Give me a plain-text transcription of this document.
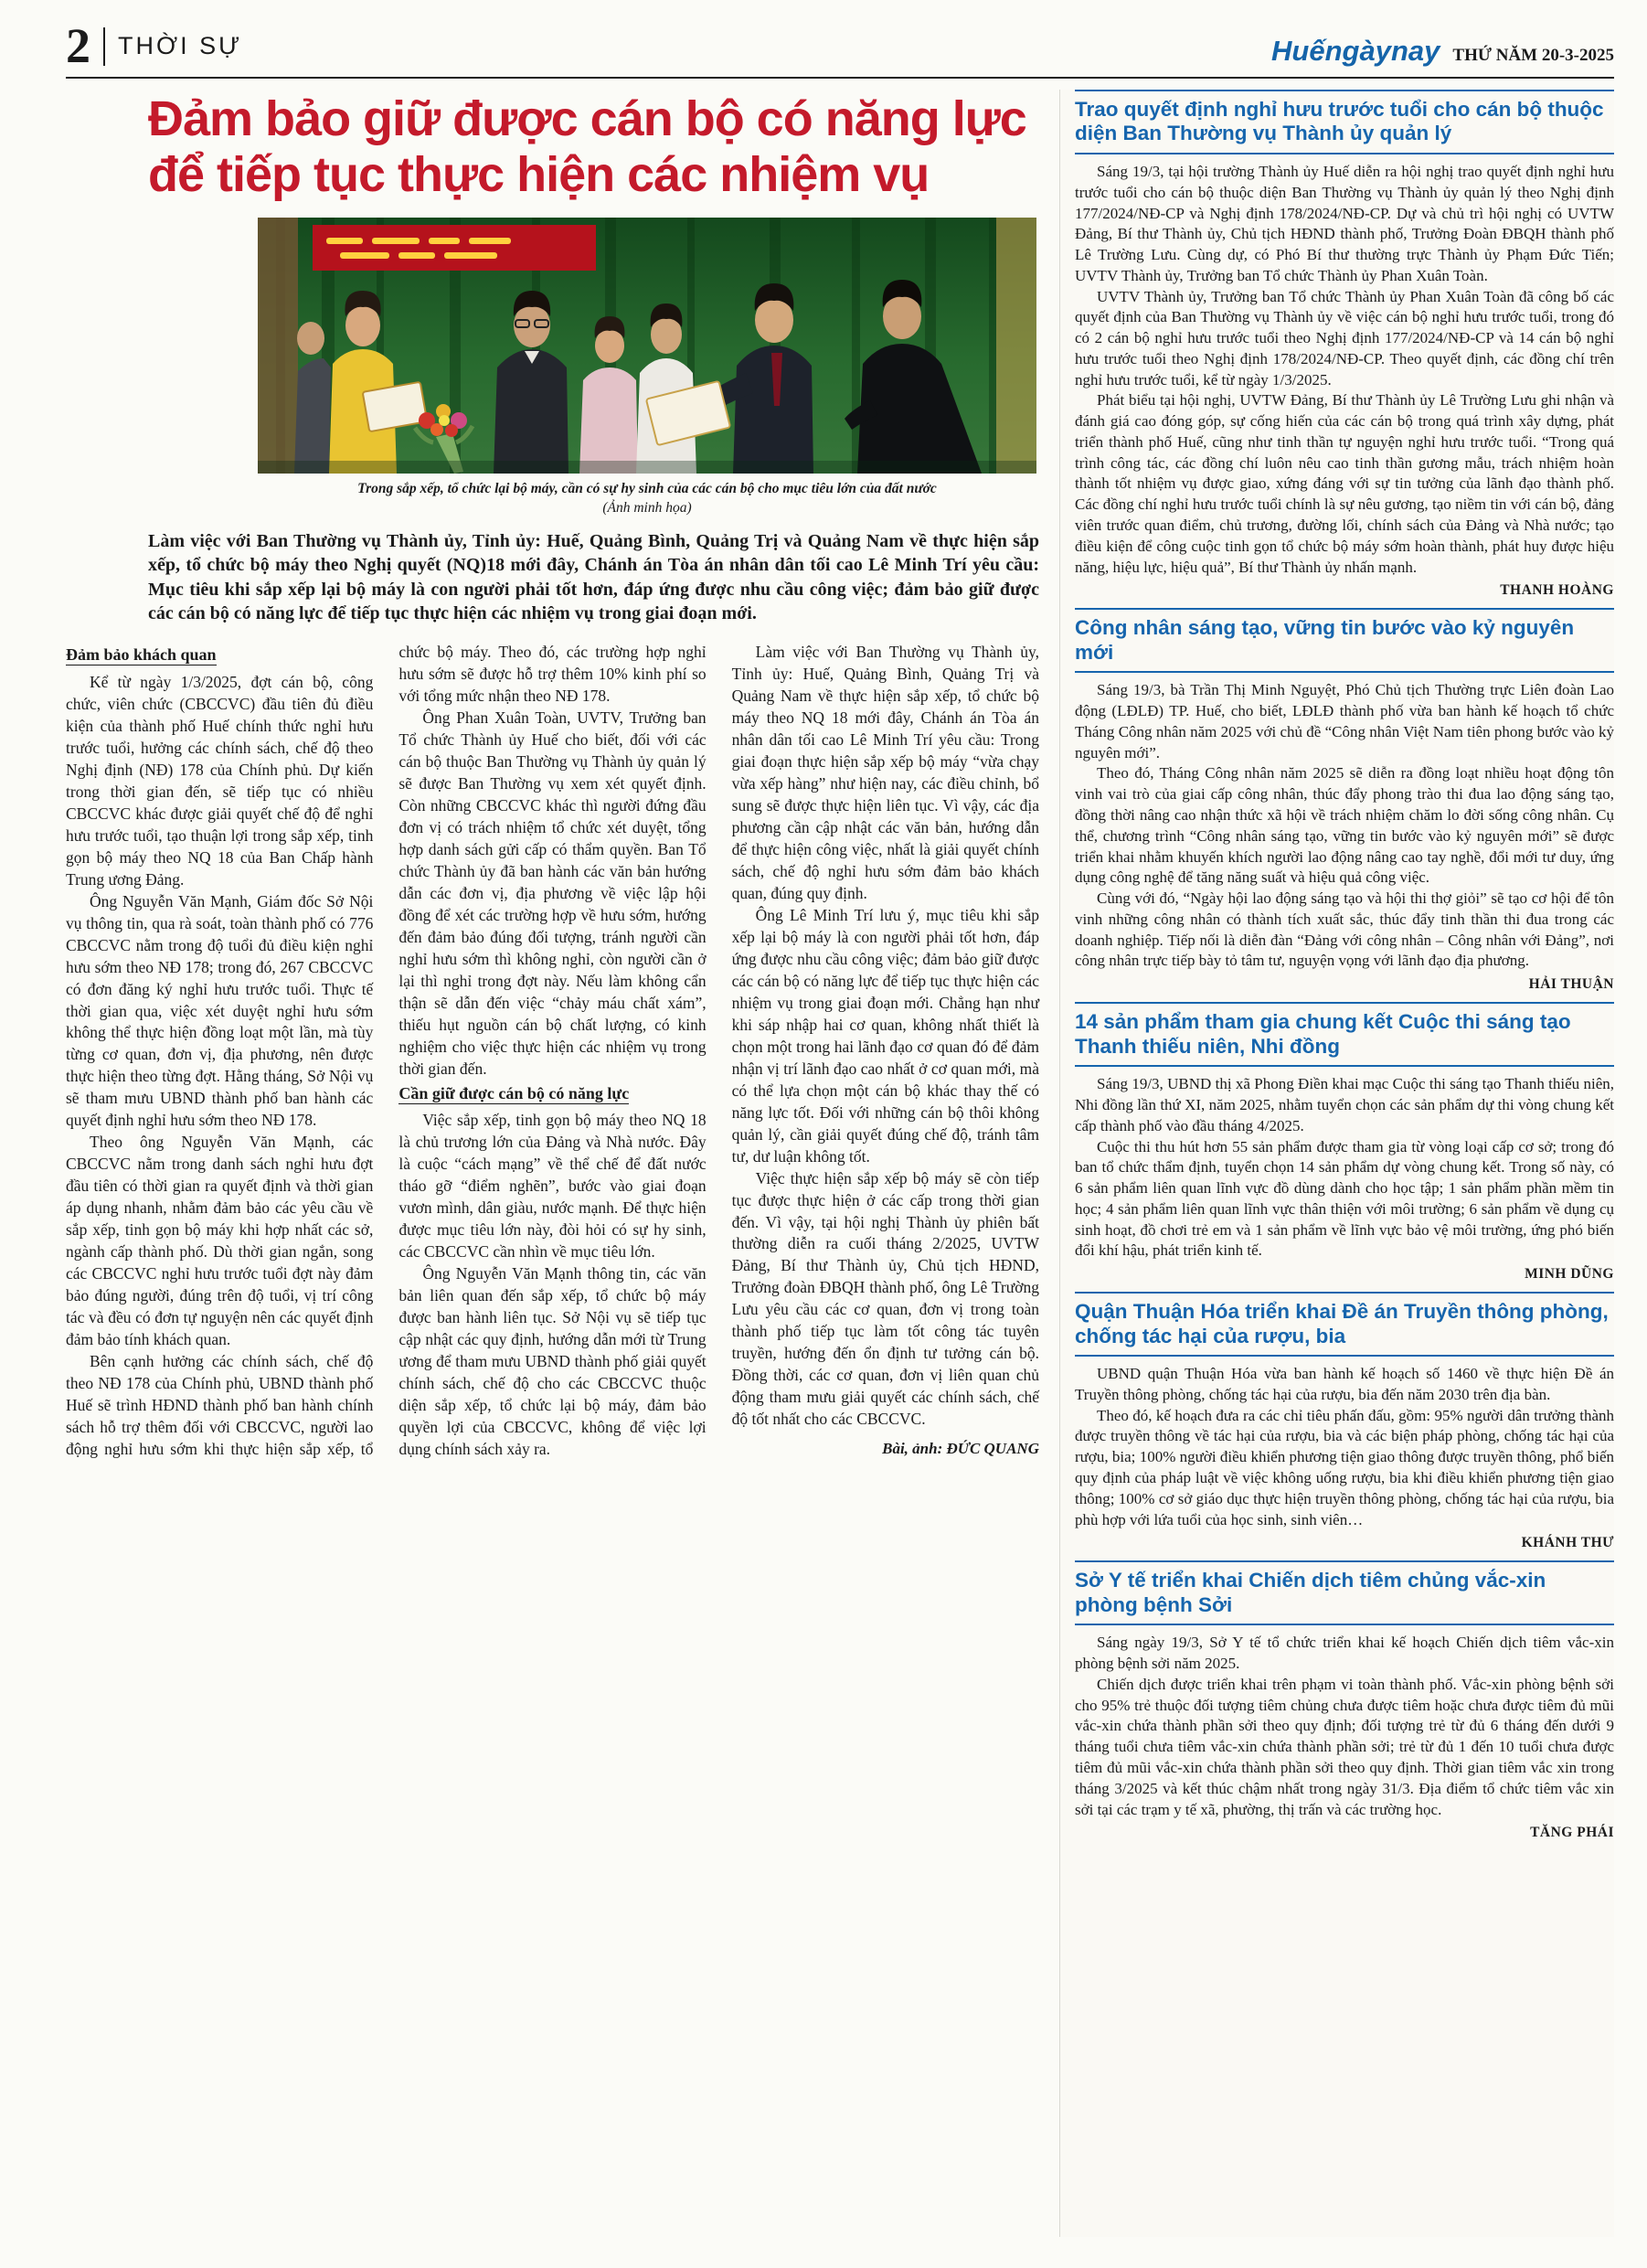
2 THỜI SỰ	Huếngàynay THỨ NĂM 20-3-2025
Đảm bảo giữ được cán bộ có năng lực để tiếp tục thực hiện các nhiệm vụ
Trong sắp xếp, tổ chức lại bộ máy, cần có sự hy sinh của các cán bộ cho mục tiêu lớn của đất nước
(Ảnh minh họa)

Làm việc với Ban Thường vụ Thành ủy, Tỉnh ủy: Huế, Quảng Bình, Quảng Trị và Quảng Nam về thực hiện sắp xếp, tổ chức bộ máy theo Nghị quyết (NQ)18 mới đây, Chánh án Tòa án nhân dân tối cao Lê Minh Trí yêu cầu: Mục tiêu khi sắp xếp lại bộ máy là con người phải tốt hơn, đáp ứng được nhu cầu công việc; đảm bảo giữ được các cán bộ có năng lực để tiếp tục thực hiện các nhiệm vụ trong giai đoạn mới.

Đảm bảo khách quan

Kể từ ngày 1/3/2025, đợt cán bộ, công chức, viên chức (CBCCVC) đầu tiên đủ điều kiện của thành phố Huế chính thức nghỉ hưu trước tuổi, hưởng các chính sách, chế độ theo Nghị định (NĐ) 178 của Chính phủ. Dự kiến trong thời gian đến, sẽ tiếp tục có nhiều CBCCVC khác được giải quyết chế độ để nghỉ hưu trước tuổi, tạo thuận lợi trong sắp xếp, tinh gọn bộ máy theo NQ 18 của Ban Chấp hành Trung ương Đảng.

Ông Nguyễn Văn Mạnh, Giám đốc Sở Nội vụ thông tin, qua rà soát, toàn thành phố có 776 CBCCVC nằm trong độ tuổi đủ điều kiện nghỉ hưu sớm theo NĐ 178; trong đó, 267 CBCCVC có đơn đăng ký nghỉ hưu trước tuổi. Thực tế thời gian qua, việc xét duyệt nghỉ hưu sớm không thể thực hiện đồng loạt một lần, mà tùy từng cơ quan, đơn vị, địa phương, nên được thực hiện theo từng đợt. Hằng tháng, Sở Nội vụ sẽ tham mưu UBND thành phố ban hành các quyết định nghỉ hưu sớm theo NĐ 178.

Theo ông Nguyễn Văn Mạnh, các CBCCVC nằm trong danh sách nghỉ hưu đợt đầu tiên có thời gian ra quyết định và thời gian áp dụng nhanh, nhằm đảm bảo các yêu cầu về sắp xếp, tinh gọn bộ máy khi hợp nhất các sở, ngành cấp thành phố. Dù thời gian ngắn, song các CBCCVC nghỉ hưu trước tuổi đợt này đảm bảo đúng người, đúng trên độ tuổi, vị trí công tác và đều có đơn tự nguyện nên các quyết định đảm bảo tính khách quan.

Bên cạnh hưởng các chính sách, chế độ theo NĐ 178 của Chính phủ, UBND thành phố Huế sẽ trình HĐND thành phố ban hành chính sách hỗ trợ thêm đối với CBCCVC, người lao động nghỉ hưu sớm khi thực hiện sắp xếp, tổ chức bộ máy. Theo đó, các trường hợp nghỉ hưu sớm sẽ được hỗ trợ thêm 10% kinh phí so với tổng mức nhận theo NĐ 178.

Ông Phan Xuân Toàn, UVTV, Trưởng ban Tổ chức Thành ủy Huế cho biết, đối với các cán bộ thuộc Ban Thường vụ Thành ủy quản lý sẽ được Ban Thường vụ xem xét quyết định. Còn những CBCCVC khác thì người đứng đầu đơn vị có trách nhiệm tổ chức xét duyệt, tổng hợp danh sách gửi cấp có thẩm quyền. Ban Tổ chức Thành ủy đã ban hành các văn bản hướng dẫn các đơn vị, địa phương về việc lập hội đồng để xét các trường hợp về hưu sớm, hướng đến đảm bảo đúng đối tượng, tránh người cần nghỉ hưu sớm thì không nghỉ, còn người cần ở lại thì nghỉ trong đợt này. Nếu làm không cẩn thận sẽ dẫn đến việc “chảy máu chất xám”, thiếu hụt nguồn cán bộ chất lượng, có kinh nghiệm cho việc thực hiện các nhiệm vụ trong thời gian đến.

Cần giữ được cán bộ có năng lực

Việc sắp xếp, tinh gọn bộ máy theo NQ 18 là chủ trương lớn của Đảng và Nhà nước. Đây là cuộc “cách mạng” về thể chế để đất nước tháo gỡ “điểm nghẽn”, bước vào giai đoạn vươn mình, dân giàu, nước mạnh. Để thực hiện được mục tiêu lớn này, đòi hỏi có sự hy sinh, các CBCCVC cần nhìn về mục tiêu lớn.

Ông Nguyễn Văn Mạnh thông tin, các văn bản liên quan đến sắp xếp, tổ chức bộ máy được ban hành liên tục. Sở Nội vụ sẽ tiếp tục cập nhật các quy định, hướng dẫn mới từ Trung ương để tham mưu UBND thành phố giải quyết chính sách, chế độ cho các CBCCVC thuộc diện sắp xếp, tổ chức lại bộ máy, đảm bảo quyền lợi của CBCCVC, không để việc lợi dụng chính sách xảy ra.

Làm việc với Ban Thường vụ Thành ủy, Tỉnh ủy: Huế, Quảng Bình, Quảng Trị và Quảng Nam về thực hiện sắp xếp, tổ chức bộ máy theo NQ 18 mới đây, Chánh án Tòa án nhân dân tối cao Lê Minh Trí yêu cầu: Trong giai đoạn thực hiện sắp xếp bộ máy “vừa chạy vừa xếp hàng” như hiện nay, các điều chỉnh, bổ sung sẽ được thực hiện liên tục. Vì vậy, các địa phương cần cập nhật các văn bản, hướng dẫn để thực hiện công việc, nhất là giải quyết chính sách, chế độ nghỉ hưu sớm đảm bảo khách quan, đúng quy định.

Ông Lê Minh Trí lưu ý, mục tiêu khi sắp xếp lại bộ máy là con người phải tốt hơn, đáp ứng được nhu cầu công việc; đảm bảo giữ được các cán bộ có năng lực để tiếp tục thực hiện các nhiệm vụ trong giai đoạn mới. Chẳng hạn như khi sáp nhập hai cơ quan, không nhất thiết là chọn một trong hai lãnh đạo cơ quan đó để đảm nhận vị trí lãnh đạo cao nhất ở cơ quan mới, mà có thể lựa chọn một cán bộ khác thay thế có năng lực tốt. Đối với những cán bộ thôi không quản lý, cần giải quyết đúng chế độ, tránh tâm tư, dư luận không tốt.

Việc thực hiện sắp xếp bộ máy sẽ còn tiếp tục được thực hiện ở các cấp trong thời gian đến. Vì vậy, tại hội nghị Thành ủy phiên bất thường diễn ra cuối tháng 2/2025, UVTW Đảng, Bí thư Thành ủy, Chủ tịch HĐND, Trưởng đoàn ĐBQH thành phố, ông Lê Trường Lưu yêu cầu các cơ quan, đơn vị trong toàn thành phố tiếp tục làm tốt công tác tuyên truyền, hướng đến ổn định tư tưởng cán bộ. Đồng thời, các cơ quan, đơn vị liên quan chủ động tham mưu giải quyết các chính sách, chế độ tốt nhất cho các CBCCVC.

Bài, ảnh: ĐỨC QUANG
Trao quyết định nghỉ hưu trước tuổi cho cán bộ thuộc diện Ban Thường vụ Thành ủy quản lý

Sáng 19/3, tại hội trường Thành ủy Huế diễn ra hội nghị trao quyết định nghỉ hưu trước tuổi cho cán bộ thuộc diện Ban Thường vụ Thành ủy quản lý theo Nghị định 177/2024/NĐ-CP và Nghị định 178/2024/NĐ-CP. Dự và chủ trì hội nghị có UVTW Đảng, Bí thư Thành ủy, Chủ tịch HĐND thành phố, Trưởng Đoàn ĐBQH thành phố Lê Trường Lưu. Cùng dự, có Phó Bí thư thường trực Thành ủy Phạm Đức Tiến; UVTV Thành ủy, Trưởng ban Tổ chức Thành ủy Phan Xuân Toàn.

UVTV Thành ủy, Trưởng ban Tổ chức Thành ủy Phan Xuân Toàn đã công bố các quyết định của Ban Thường vụ Thành ủy về việc cán bộ nghỉ hưu trước tuổi, trong đó có 2 cán bộ nghỉ hưu trước tuổi theo Nghị định 177/2024/NĐ-CP và 14 cán bộ nghỉ hưu trước tuổi theo Nghị định 178/2024/NĐ-CP. Theo quyết định, các đồng chí trên nghỉ hưu trước tuổi, kể từ ngày 1/3/2025.

Phát biểu tại hội nghị, UVTW Đảng, Bí thư Thành ủy Lê Trường Lưu ghi nhận và đánh giá cao đóng góp, sự cống hiến của các cán bộ trong quá trình xây dựng, phát triển thành phố Huế, cũng như tinh thần tự nguyện nghỉ hưu trước tuổi. “Trong quá trình công tác, các đồng chí luôn nêu cao tinh thần gương mẫu, trách nhiệm hoàn thành tốt nhiệm vụ được giao, xứng đáng với sự tin tưởng của lãnh đạo thành phố. Các đồng chí nghỉ hưu trước tuổi chính là sự nêu gương, tạo niềm tin với cán bộ, đảng viên trước quan điểm, chủ trương, đường lối, chính sách của Đảng và Nhà nước; tạo điều kiện để công cuộc tinh gọn tổ chức bộ máy sớm hoàn thành, phát huy được hiệu năng, hiệu lực, hiệu quả”, Bí thư Thành ủy nhấn mạnh.

THANH HOÀNG
Công nhân sáng tạo, vững tin bước vào kỷ nguyên mới

Sáng 19/3, bà Trần Thị Minh Nguyệt, Phó Chủ tịch Thường trực Liên đoàn Lao động (LĐLĐ) TP. Huế, cho biết, LĐLĐ thành phố vừa ban hành kế hoạch tổ chức Tháng Công nhân năm 2025 với chủ đề “Công nhân Việt Nam tiên phong bước vào kỷ nguyên mới”.

Theo đó, Tháng Công nhân năm 2025 sẽ diễn ra đồng loạt nhiều hoạt động tôn vinh vai trò của giai cấp công nhân, thúc đẩy phong trào thi đua lao động sáng tạo, đồng thời nâng cao nhận thức xã hội về trách nhiệm chăm lo đời sống công nhân. Cụ thể, chương trình “Công nhân sáng tạo, vững tin bước vào kỷ nguyên mới” sẽ được triển khai nhằm khuyến khích người lao động nâng cao tay nghề, đổi mới tư duy, ứng dụng công nghệ để tăng năng suất và hiệu quả công việc.

Cùng với đó, “Ngày hội lao động sáng tạo và hội thi thợ giỏi” sẽ tạo cơ hội để tôn vinh những công nhân có thành tích xuất sắc, thúc đẩy tinh thần thi đua trong các doanh nghiệp. Tiếp nối là diễn đàn “Đảng với công nhân – Công nhân với Đảng”, nơi công nhân trực tiếp bày tỏ tâm tư, nguyện vọng với lãnh đạo địa phương.

HẢI THUẬN
14 sản phẩm tham gia chung kết Cuộc thi sáng tạo Thanh thiếu niên, Nhi đồng

Sáng 19/3, UBND thị xã Phong Điền khai mạc Cuộc thi sáng tạo Thanh thiếu niên, Nhi đồng lần thứ XI, năm 2025, nhằm tuyển chọn các sản phẩm dự thi vòng chung kết cấp thành phố vào đầu tháng 4/2025.

Cuộc thi thu hút hơn 55 sản phẩm được tham gia từ vòng loại cấp cơ sở; trong đó ban tổ chức thẩm định, tuyển chọn 14 sản phẩm dự vòng chung kết. Trong số này, có 6 sản phẩm liên quan lĩnh vực đồ dùng dành cho học tập; 1 sản phẩm phần mềm tin học; 4 sản phẩm liên quan lĩnh vực thân thiện với môi trường; 6 sản phẩm về dụng cụ sinh hoạt, đồ chơi trẻ em và 1 sản phẩm về lĩnh vực bảo vệ môi trường, ứng phó biến đổi khí hậu, phát triển kinh tế.

MINH DŨNG
Quận Thuận Hóa triển khai Đề án Truyền thông phòng, chống tác hại của rượu, bia

UBND quận Thuận Hóa vừa ban hành kế hoạch số 1460 về thực hiện Đề án Truyền thông phòng, chống tác hại của rượu, bia đến năm 2030 trên địa bàn.

Theo đó, kế hoạch đưa ra các chỉ tiêu phấn đấu, gồm: 95% người dân trưởng thành được truyền thông về tác hại của rượu, bia và các biện pháp phòng, chống tác hại của rượu, bia; 100% người điều khiển phương tiện giao thông được truyền thông, phổ biến quy định của pháp luật về việc không uống rượu, bia khi điều khiển phương tiện giao thông; 100% cơ sở giáo dục thực hiện truyền thông phòng, chống tác hại của rượu, bia phù hợp với lứa tuổi của học sinh, sinh viên…

KHÁNH THƯ
Sở Y tế triển khai Chiến dịch tiêm chủng vắc-xin phòng bệnh Sởi

Sáng ngày 19/3, Sở Y tế tổ chức triển khai kế hoạch Chiến dịch tiêm vắc-xin phòng bệnh sởi năm 2025.

Chiến dịch được triển khai trên phạm vi toàn thành phố. Vắc-xin phòng bệnh sởi cho 95% trẻ thuộc đối tượng tiêm chủng chưa được tiêm hoặc chưa được tiêm đủ mũi vắc-xin chứa thành phần sởi theo quy định; đối tượng trẻ từ đủ 6 tháng đến dưới 9 tháng tuổi chưa tiêm vắc-xin chứa thành phần sởi; trẻ từ đủ 1 đến 10 tuổi chưa được tiêm đủ mũi vắc-xin chứa thành phần sởi theo quy định. Thời gian tiêm vắc xin trong tháng 3/2025 và kết thúc chậm nhất trong ngày 31/3. Địa điểm tổ chức tiêm vắc xin sởi tại các trạm y tế xã, phường, thị trấn và các trường học.

TĂNG PHÁI
